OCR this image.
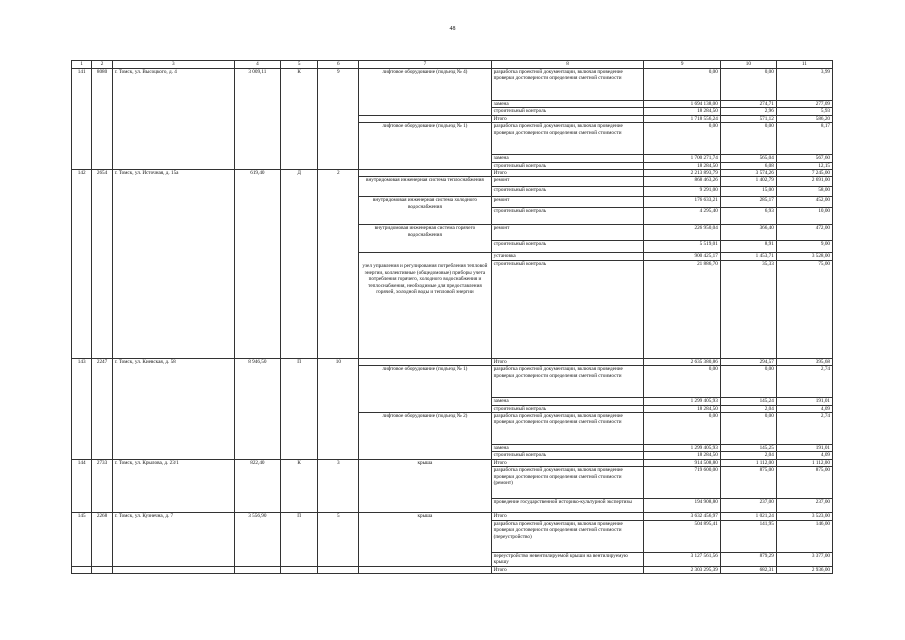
48
1	2	3	4	5	6	7	8	9	10	11
141	8080	г. Томск, ул. Высоцкого, д. 4	3 009,11	К	9	лифтовое оборудование (подъезд № 4)	разработка проектной документации, включая проведение проверки достоверности определения сметной стоимости	0,00	0,00	3,99
							замена	1 694 138,00	274,71	277,09
							строительный контроль	18 284,50	2,96	5,93
							Итого	1 718 556,24	571,12	586,20
						лифтовое оборудование (подъезд № 1)	разработка проектной документации, включая проведение проверки достоверности определения сметной стоимости	0,00	0,00	8,17
							замена	1 700 271,74	565,04	567,60
							строительный контроль	18 284,50	6,08	12,15
142	2654	г. Томск, ул. Источная, д. 15а	619,40	Д	2		Итого	2 213 893,79	3 574,26	7 245,00
						внутридомовая инженерная система теплоснабжения	ремонт	868 463,26	1 402,79	2 691,00
							строительный контроль	9 291,00	15,00	58,00
						внутридомовая инженерная система холодного водоснабжения	ремонт	176 633,21	285,17	452,00
							строительный контроль	4 295,40	6,93	10,00
						внутридомовая инженерная система горячего водоснабжения	ремонт	226 950,04	366,40	472,00
							строительный контроль	5 519,01	8,91	9,00
						узел управления и регулирования потребления тепловой энергии, коллективные (общедомовые) приборы учета потребления горячего, холодного водоснабжения и теплоснабжения, необходимые для предоставления горячей, холодной воды и тепловой энергии	установка	900 425,17	1 453,71	3 528,00
							строительный контроль	21 886,70	35,33	75,00
143	2247	г. Томск, ул. Киевская, д. 58	8 946,50	П	10		Итого	2 635 380,86	294,57	395,68
						лифтовое оборудование (подъезд № 1)	разработка проектной документации, включая проведение проверки достоверности определения сметной стоимости	0,00	0,00	2,74
							замена	1 299 405,93	145,24	191,01
							строительный контроль	18 284,50	2,04	4,09
						лифтовое оборудование (подъезд № 2)	разработка проектной документации, включая проведение проверки достоверности определения сметной стоимости	0,00	0,00	2,74
							замена	1 299 405,93	145,25	191,01
							строительный контроль	18 284,50	2,04	4,09
144	2733	г. Томск, ул. Крылова, д. 23/1	822,40	К	3	крыша	Итого	914 508,80	1 112,00	1 112,00
							разработка проектной документации, включая проведение проверки достоверности определения сметной стоимости (ремонт)	719 600,00	875,00	875,00
							проведение государственной историко-культурной экспертизы	194 908,80	237,00	237,00
145	2268	г. Томск, ул. Кузнечна, д. 7	3 556,90	П	5	крыша	Итого	3 632 456,97	1 021,24	3 523,00
							разработка проектной документации, включая проведение проверки достоверности определения сметной стоимости (переустройство)	504 895,41	141,95	146,00
							переустройство невентилируемой крыши на вентилируемую крышу	3 127 561,56	879,29	3 377,00
							Итого	2 303 295,39	682,31	2 936,00
